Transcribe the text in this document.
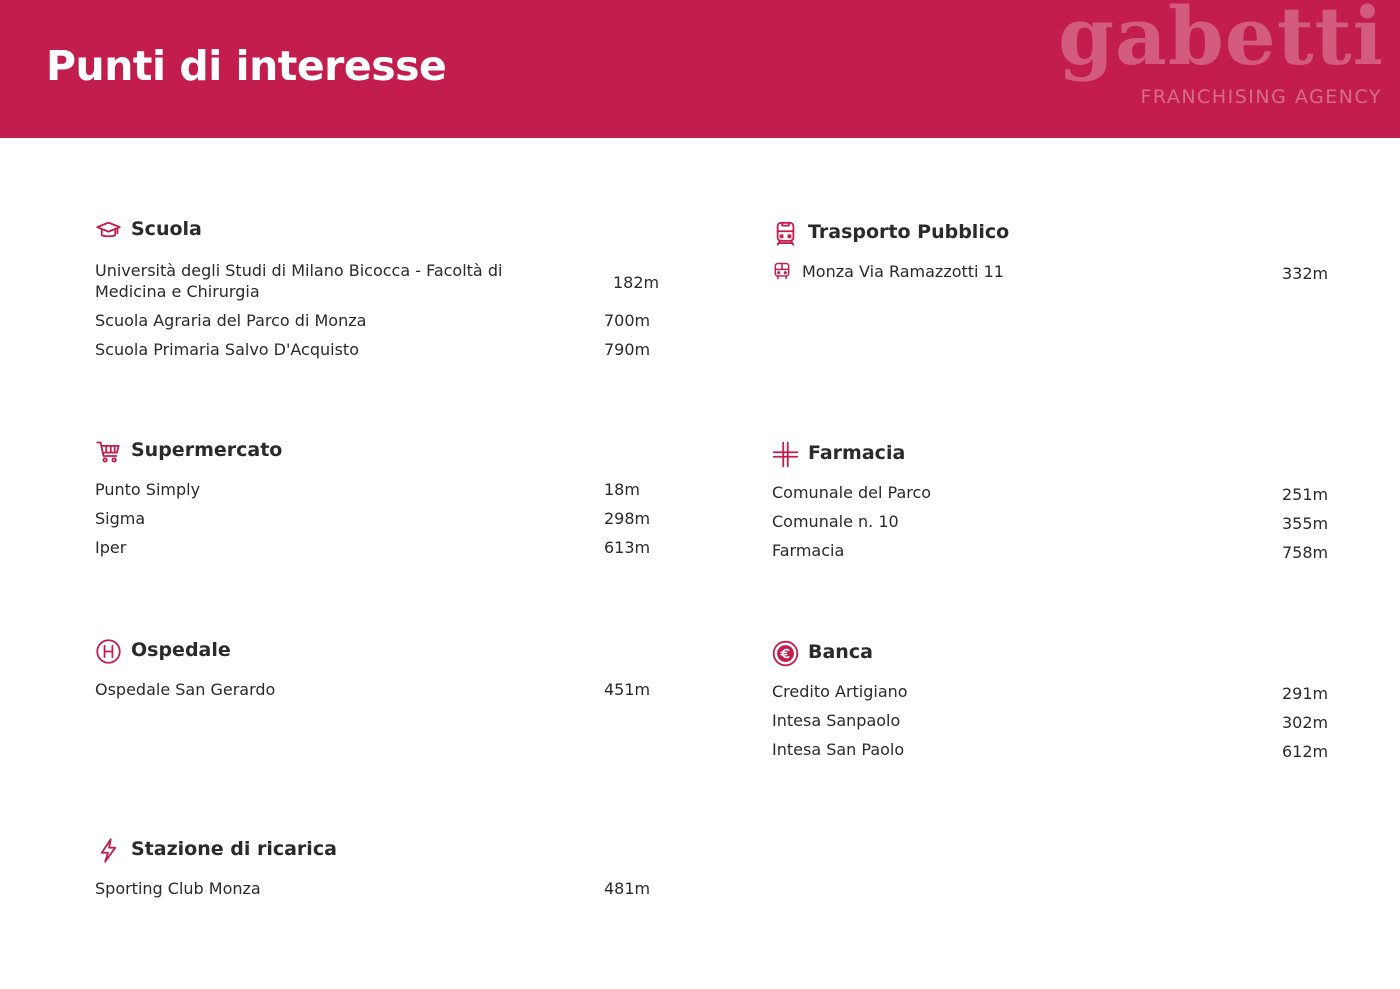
Punti di interesse	gabetti
FRANCHISING AGENCY
Scuola
Università degli Studi di Milano Bicocca - Facoltà di Medicina e Chirurgia	182m
Scuola Agraria del Parco di Monza	700m
Scuola Primaria Salvo D'Acquisto	790m
Supermercato
Punto Simply	18m
Sigma	298m
Iper	613m
Ospedale
Ospedale San Gerardo	451m
Stazione di ricarica
Sporting Club Monza	481m
Trasporto Pubblico
Monza Via Ramazzotti 11	332m
Farmacia
Comunale del Parco	251m
Comunale n. 10	355m
Farmacia	758m
Banca
Credito Artigiano	291m
Intesa Sanpaolo	302m
Intesa San Paolo	612m
